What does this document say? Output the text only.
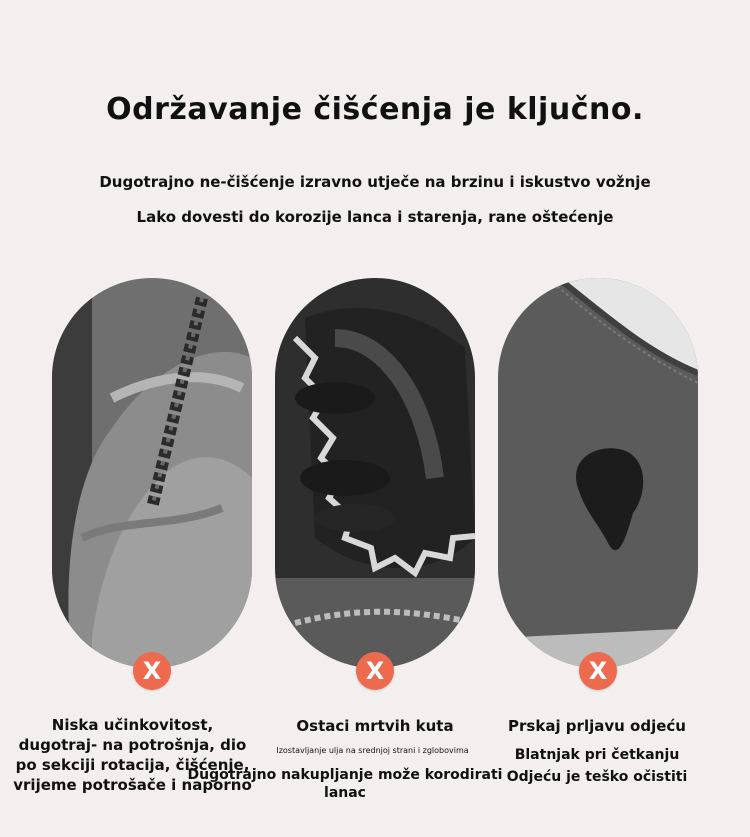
Održavanje čišćenja je ključno.
Dugotrajno ne-čišćenje izravno utječe na brzinu i iskustvo vožnje
Lako dovesti do korozije lanca i starenja, rane oštećenje
X	X	X
Niska učinkovitost, dugotraj- na potrošnja, dio po sekciji rotacija, čišćenje, vrijeme potrošače i naporno
Ostaci mrtvih kuta
Izostavljanje ulja na srednjoj strani i zglobovima
Dugotrajno nakupljanje može korodirati lanac
Prskaj prljavu odjeću
Blatnjak pri četkanju
Odjeću je teško očistiti
